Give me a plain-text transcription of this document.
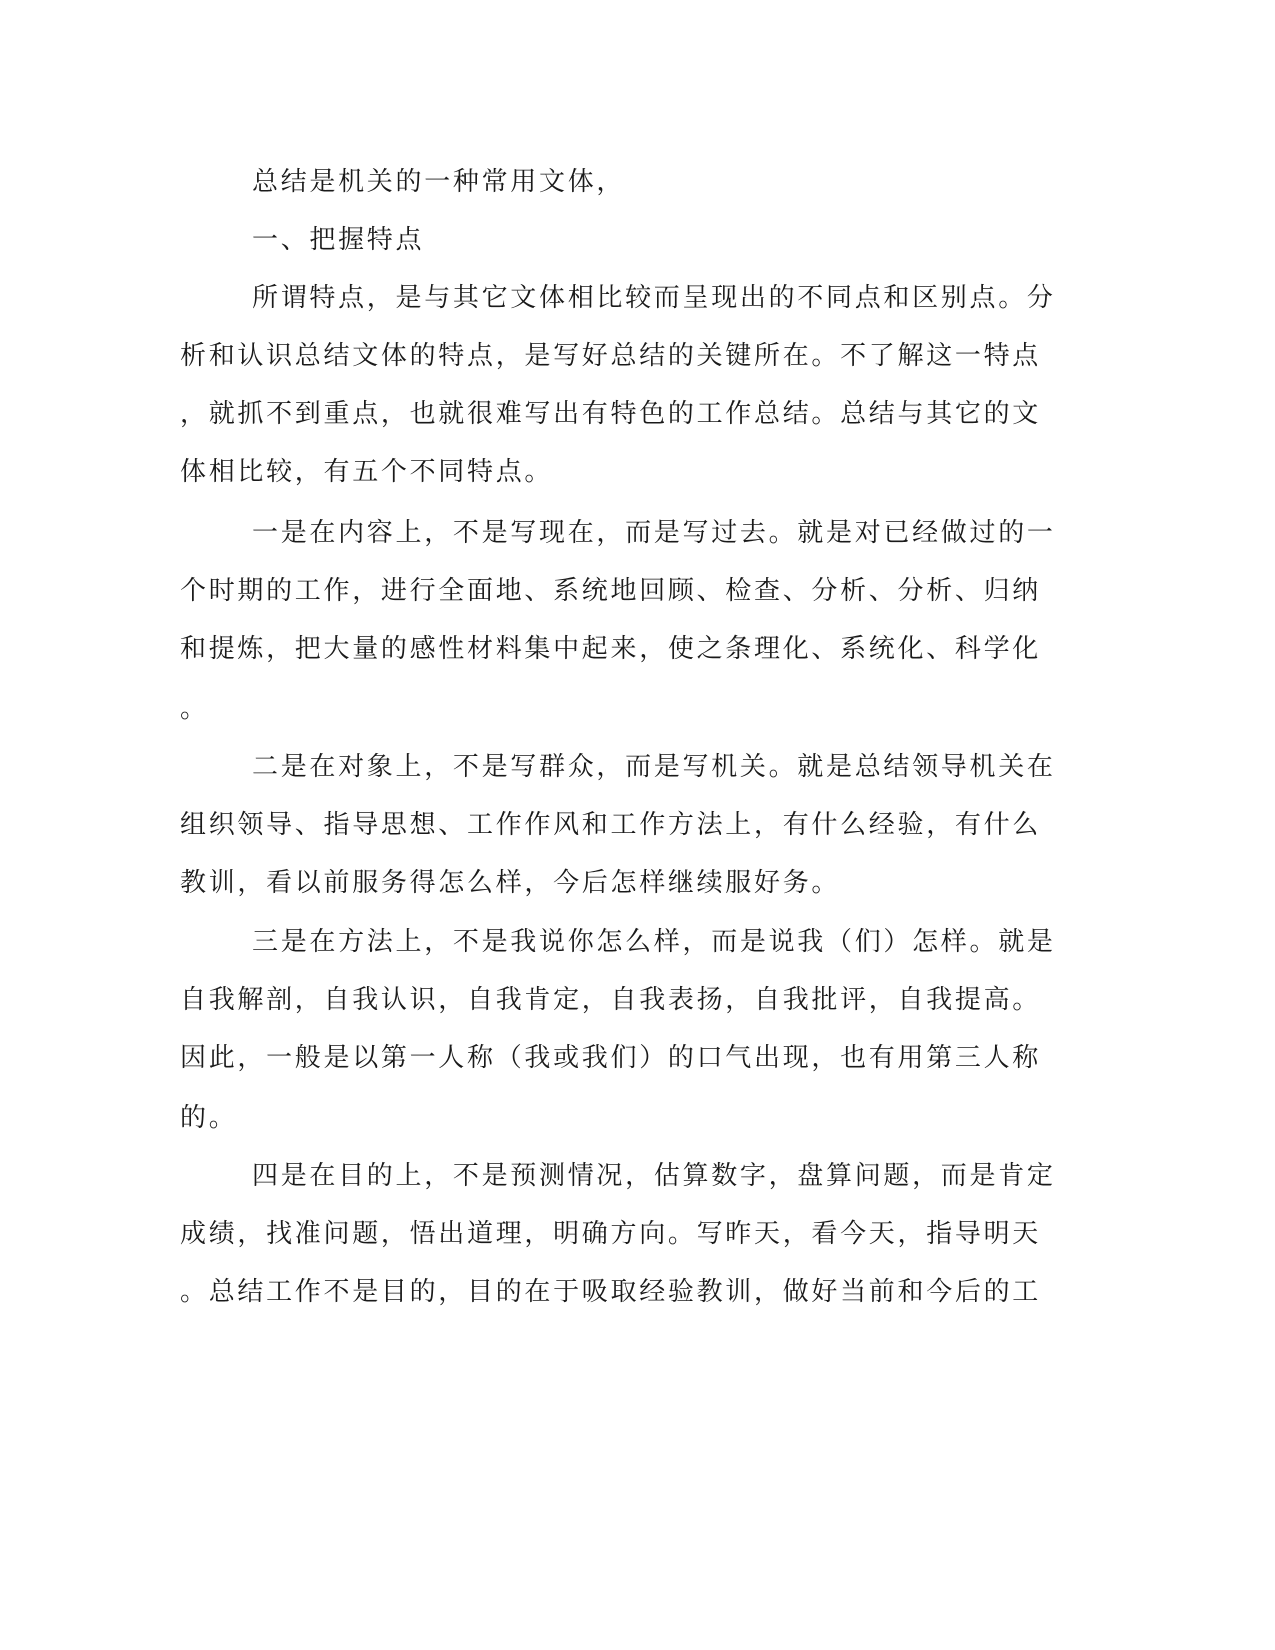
总结是机关的一种常用文体，
一、把握特点
所谓特点，是与其它文体相比较而呈现出的不同点和区别点。分
析和认识总结文体的特点，是写好总结的关键所在。不了解这一特点
，就抓不到重点，也就很难写出有特色的工作总结。总结与其它的文
体相比较，有五个不同特点。
一是在内容上，不是写现在，而是写过去。就是对已经做过的一
个时期的工作，进行全面地、系统地回顾、检查、分析、分析、归纳
和提炼，把大量的感性材料集中起来，使之条理化、系统化、科学化
。
二是在对象上，不是写群众，而是写机关。就是总结领导机关在
组织领导、指导思想、工作作风和工作方法上，有什么经验，有什么
教训，看以前服务得怎么样，今后怎样继续服好务。
三是在方法上，不是我说你怎么样，而是说我（们）怎样。就是
自我解剖，自我认识，自我肯定，自我表扬，自我批评，自我提高。
因此，一般是以第一人称（我或我们）的口气出现，也有用第三人称
的。
四是在目的上，不是预测情况，估算数字，盘算问题，而是肯定
成绩，找准问题，悟出道理，明确方向。写昨天，看今天，指导明天
。总结工作不是目的，目的在于吸取经验教训，做好当前和今后的工
